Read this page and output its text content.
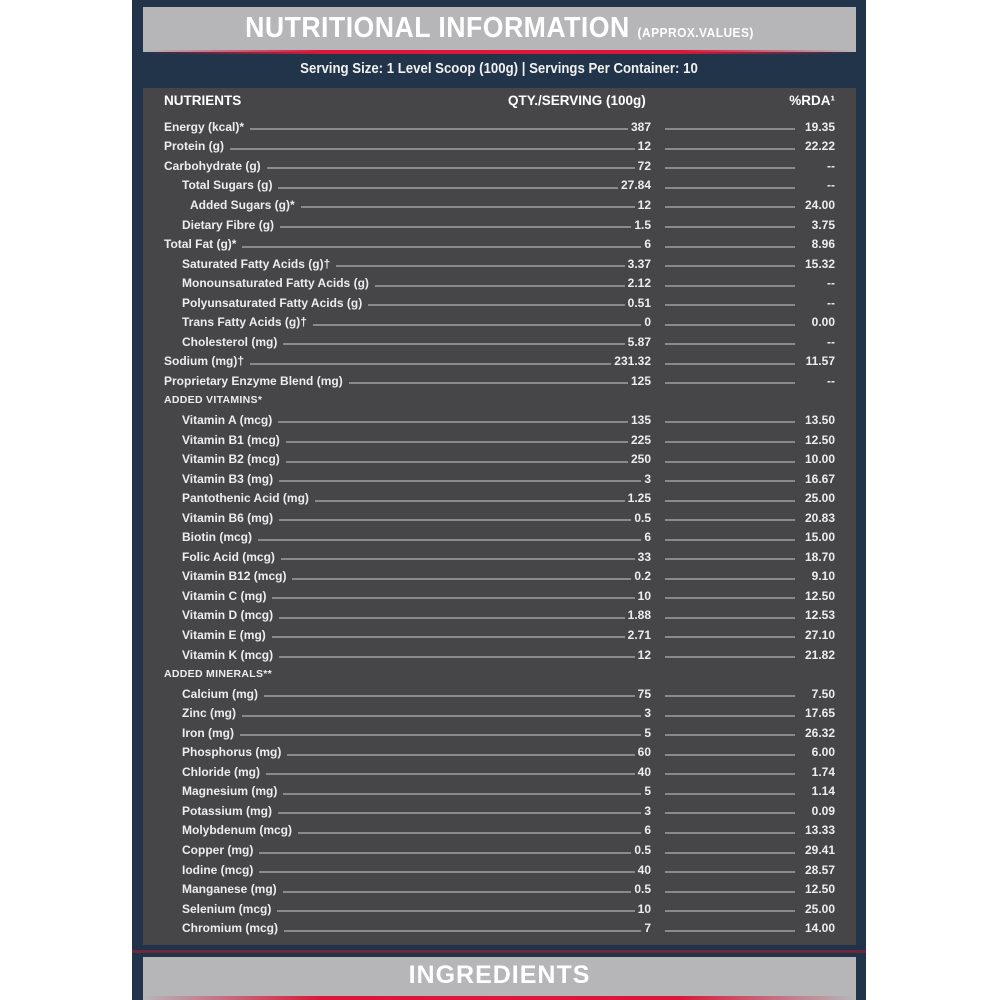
NUTRITIONAL INFORMATION (APPROX.VALUES)
Serving Size: 1 Level Scoop (100g) | Servings Per Container: 10
NUTRIENTS	QTY./SERVING (100g)	%RDA¹
Energy (kcal)*	387	19.35
Protein (g)	12	22.22
Carbohydrate (g)	72	--
Total Sugars (g)	27.84	--
Added Sugars (g)*	12	24.00
Dietary Fibre (g)	1.5	3.75
Total Fat (g)*	6	8.96
Saturated Fatty Acids (g)†	3.37	15.32
Monounsaturated Fatty Acids (g)	2.12	--
Polyunsaturated Fatty Acids (g)	0.51	--
Trans Fatty Acids (g)†	0	0.00
Cholesterol (mg)	5.87	--
Sodium (mg)†	231.32	11.57
Proprietary Enzyme Blend (mg)	125	--
ADDED VITAMINS*
Vitamin A (mcg)	135	13.50
Vitamin B1 (mcg)	225	12.50
Vitamin B2 (mcg)	250	10.00
Vitamin B3 (mg)	3	16.67
Pantothenic Acid (mg)	1.25	25.00
Vitamin B6 (mg)	0.5	20.83
Biotin (mcg)	6	15.00
Folic Acid (mcg)	33	18.70
Vitamin B12 (mcg)	0.2	9.10
Vitamin C (mg)	10	12.50
Vitamin D (mcg)	1.88	12.53
Vitamin E (mg)	2.71	27.10
Vitamin K (mcg)	12	21.82
ADDED MINERALS**
Calcium (mg)	75	7.50
Zinc (mg)	3	17.65
Iron (mg)	5	26.32
Phosphorus (mg)	60	6.00
Chloride (mg)	40	1.74
Magnesium (mg)	5	1.14
Potassium (mg)	3	0.09
Molybdenum (mcg)	6	13.33
Copper (mg)	0.5	29.41
Iodine (mcg)	40	28.57
Manganese (mg)	0.5	12.50
Selenium (mcg)	10	25.00
Chromium (mcg)	7	14.00
INGREDIENTS
